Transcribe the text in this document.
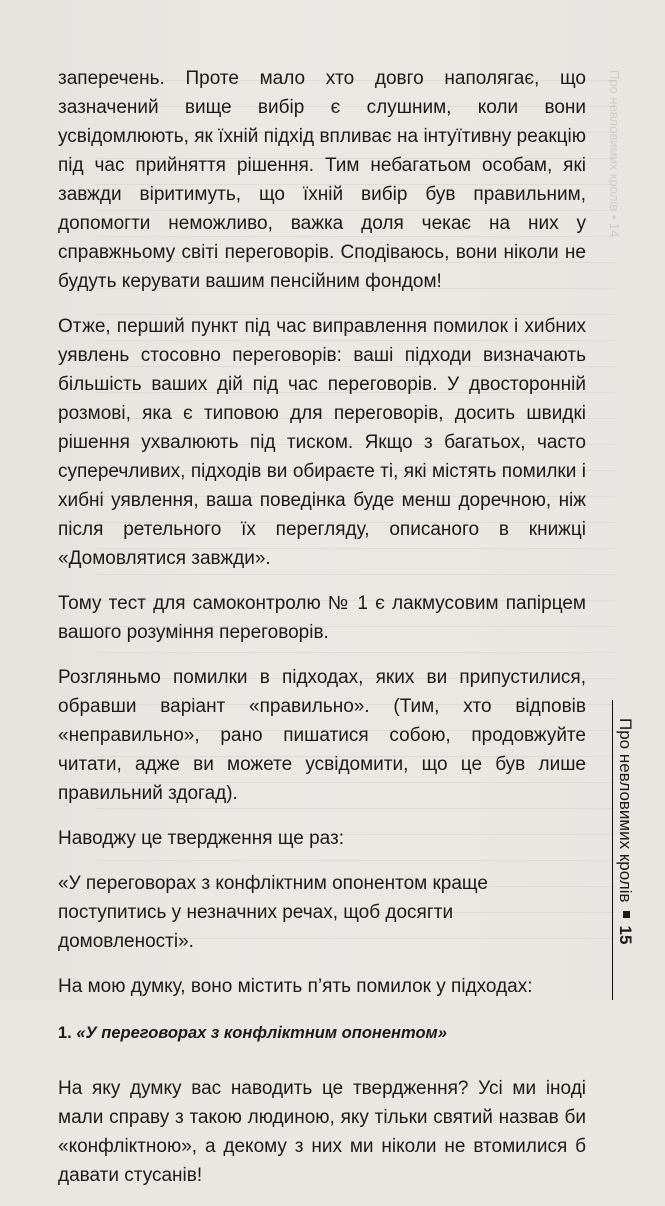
Про невловимих кролів ▪ 14

заперечень. Проте мало хто довго наполягає, що зазначений вище вибір є слушним, коли вони усвідомлюють, як їхній підхід впливає на інтуїтивну реакцію під час прийняття рішення. Тим небагатьом особам, які завжди віритимуть, що їхній вибір був правильним, допомогти неможливо, важка доля чекає на них у справжньому світі переговорів. Сподіваюсь, вони ніколи не будуть керувати вашим пенсійним фондом!

Отже, перший пункт під час виправлення помилок і хибних уявлень стосовно переговорів: ваші підходи визначають більшість ваших дій під час переговорів. У двосторонній розмові, яка є типовою для переговорів, досить швидкі рішення ухвалюють під тиском. Якщо з багатьох, часто суперечливих, підходів ви обираєте ті, які містять помилки і хибні уявлення, ваша поведінка буде менш доречною, ніж після ретельного їх перегляду, описаного в книжці «Домовлятися завжди».

Тому тест для самоконтролю № 1 є лакмусовим папірцем вашого розуміння переговорів.

Розгляньмо помилки в підходах, яких ви припустилися, обравши варіант «правильно». (Тим, хто відповів «неправильно», рано пишатися собою, продовжуйте читати, адже ви можете усвідомити, що це був лише правильний здогад).

Наводжу це твердження ще раз:

«У переговорах з конфліктним опонентом краще поступитись у незначних речах, щоб досягти домовленості».

На мою думку, воно містить п’ять помилок у підходах:

1. «У переговорах з конфліктним опонентом»

На яку думку вас наводить це твердження? Усі ми іноді мали справу з такою людиною, яку тільки святий назвав би «конфліктною», а декому з них ми ніколи не втомилися б давати стусанів!

Про невловимих кролів15
